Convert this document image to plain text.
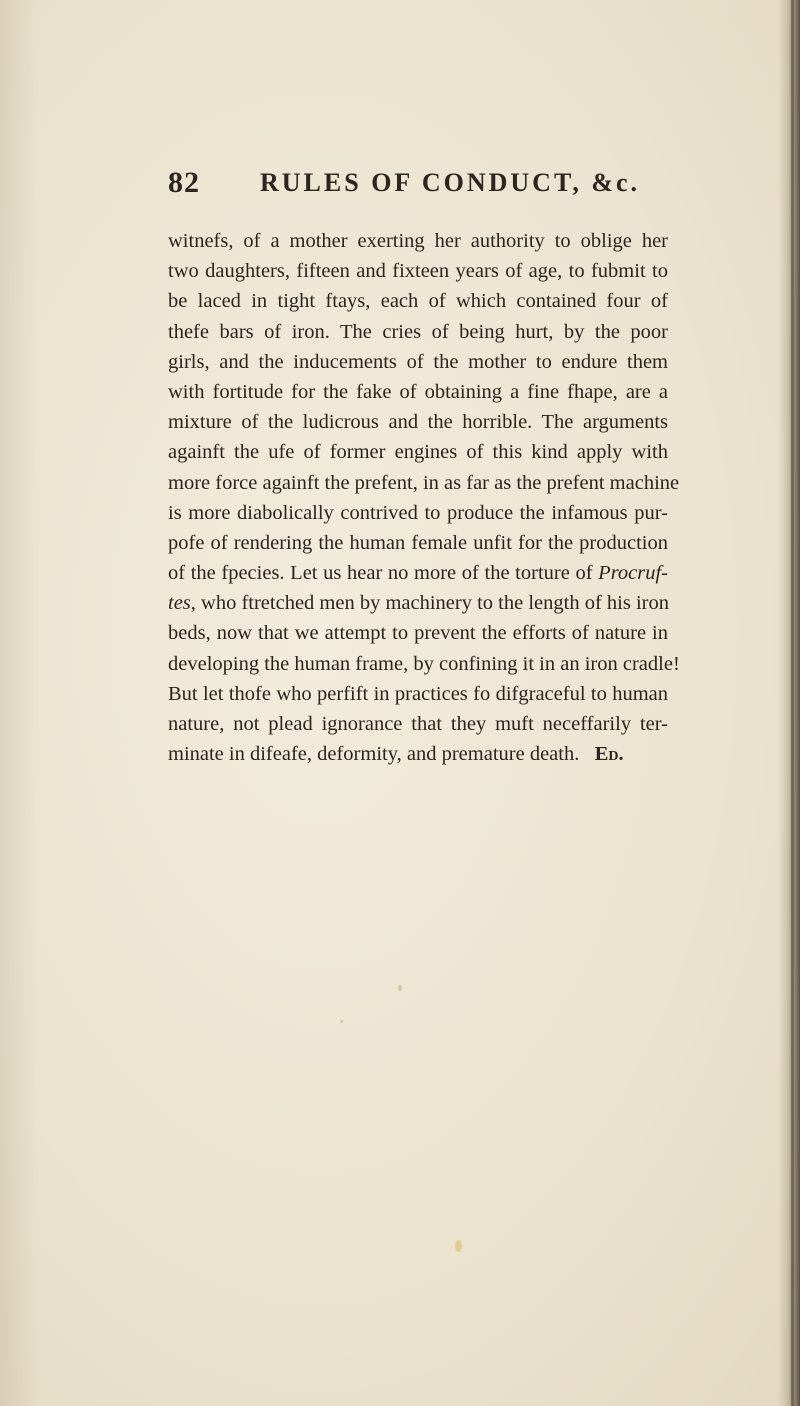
82 RULES OF CONDUCT, &c.
witnefs, of a mother exerting her authority to oblige her
two daughters, fifteen and fixteen years of age, to fubmit to
be laced in tight ftays, each of which contained four of
thefe bars of iron. The cries of being hurt, by the poor
girls, and the inducements of the mother to endure them
with fortitude for the fake of obtaining a fine fhape, are a
mixture of the ludicrous and the horrible. The arguments
againft the ufe of former engines of this kind apply with
more force againft the prefent, in as far as the prefent machine
is more diabolically contrived to produce the infamous pur-
pofe of rendering the human female unfit for the production
of the fpecies. Let us hear no more of the torture of Procruf-
tes, who ftretched men by machinery to the length of his iron
beds, now that we attempt to prevent the efforts of nature in
developing the human frame, by confining it in an iron cradle!
But let thofe who perfift in practices fo difgraceful to human
nature, not plead ignorance that they muft neceffarily ter-
minate in difeafe, deformity, and premature death. Ed.
